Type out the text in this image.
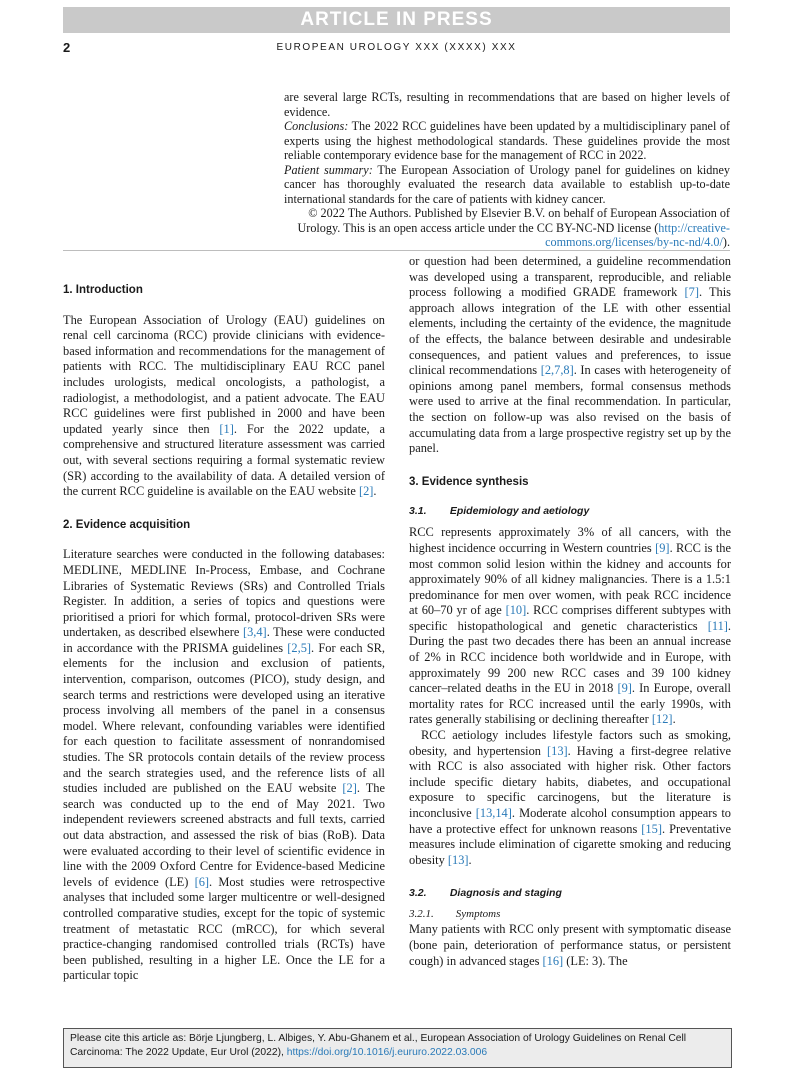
ARTICLE IN PRESS
2	EUROPEAN UROLOGY XXX (XXXX) XXX

are several large RCTs, resulting in recommendations that are based on higher levels of evidence.

Conclusions: The 2022 RCC guidelines have been updated by a multidisciplinary panel of experts using the highest methodological standards. These guidelines provide the most reliable contemporary evidence base for the management of RCC in 2022.

Patient summary: The European Association of Urology panel for guidelines on kidney cancer has thoroughly evaluated the research data available to establish up-to-date international standards for the care of patients with kidney cancer.

© 2022 The Authors. Published by Elsevier B.V. on behalf of European Association of Urology. This is an open access article under the CC BY-NC-ND license (http://creative-commons.org/licenses/by-nc-nd/4.0/).

1. Introduction

The European Association of Urology (EAU) guidelines on renal cell carcinoma (RCC) provide clinicians with evidence-based information and recommendations for the management of patients with RCC. The multidisciplinary EAU RCC panel includes urologists, medical oncologists, a pathologist, a radiologist, a methodologist, and a patient advocate. The EAU RCC guidelines were first published in 2000 and have been updated yearly since then [1]. For the 2022 update, a comprehensive and structured literature assessment was carried out, with several sections requiring a formal systematic review (SR) according to the availability of data. A detailed version of the current RCC guideline is available on the EAU website [2].

2. Evidence acquisition

Literature searches were conducted in the following databases: MEDLINE, MEDLINE In-Process, Embase, and Cochrane Libraries of Systematic Reviews (SRs) and Controlled Trials Register. In addition, a series of topics and questions were prioritised a priori for which formal, protocol-driven SRs were undertaken, as described elsewhere [3,4]. These were conducted in accordance with the PRISMA guidelines [2,5]. For each SR, elements for the inclusion and exclusion of patients, intervention, comparison, outcomes (PICO), study design, and search terms and restrictions were developed using an iterative process involving all members of the panel in a consensus model. Where relevant, confounding variables were identified for each question to facilitate assessment of nonrandomised studies. The SR protocols contain details of the review process and the search strategies used, and the reference lists of all studies included are published on the EAU website [2]. The search was conducted up to the end of May 2021. Two independent reviewers screened abstracts and full texts, carried out data abstraction, and assessed the risk of bias (RoB). Data were evaluated according to their level of scientific evidence in line with the 2009 Oxford Centre for Evidence-based Medicine levels of evidence (LE) [6]. Most studies were retrospective analyses that included some larger multicentre or well-designed controlled comparative studies, except for the topic of systemic treatment of metastatic RCC (mRCC), for which several practice-changing randomised controlled trials (RCTs) have been published, resulting in a higher LE. Once the LE for a particular topic

or question had been determined, a guideline recommendation was developed using a transparent, reproducible, and reliable process following a modified GRADE framework [7]. This approach allows integration of the LE with other essential elements, including the certainty of the evidence, the magnitude of the effects, the balance between desirable and undesirable consequences, and patient values and preferences, to issue clinical recommendations [2,7,8]. In cases with heterogeneity of opinions among panel members, formal consensus methods were used to arrive at the final recommendation. In particular, the section on follow-up was also revised on the basis of accumulating data from a large prospective registry set up by the panel.

3. Evidence synthesis
3.1.        Epidemiology and aetiology

RCC represents approximately 3% of all cancers, with the highest incidence occurring in Western countries [9]. RCC is the most common solid lesion within the kidney and accounts for approximately 90% of all kidney malignancies. There is a 1.5:1 predominance for men over women, with peak RCC incidence at 60–70 yr of age [10]. RCC comprises different subtypes with specific histopathological and genetic characteristics [11]. During the past two decades there has been an annual increase of 2% in RCC incidence both worldwide and in Europe, with approximately 99 200 new RCC cases and 39 100 kidney cancer–related deaths in the EU in 2018 [9]. In Europe, overall mortality rates for RCC increased until the early 1990s, with rates generally stabilising or declining thereafter [12].

RCC aetiology includes lifestyle factors such as smoking, obesity, and hypertension [13]. Having a first-degree relative with RCC is also associated with higher risk. Other factors include specific dietary habits, diabetes, and occupational exposure to specific carcinogens, but the literature is inconclusive [13,14]. Moderate alcohol consumption appears to have a protective effect for unknown reasons [15]. Preventative measures include elimination of cigarette smoking and reducing obesity [13].

3.2.        Diagnosis and staging
3.2.1.        Symptoms

Many patients with RCC only present with symptomatic disease (bone pain, deterioration of performance status, or persistent cough) in advanced stages [16] (LE: 3). The

Please cite this article as: Börje Ljungberg, L. Albiges, Y. Abu-Ghanem et al., European Association of Urology Guidelines on Renal Cell Carcinoma: The 2022 Update, Eur Urol (2022), https://doi.org/10.1016/j.eururo.2022.03.006
